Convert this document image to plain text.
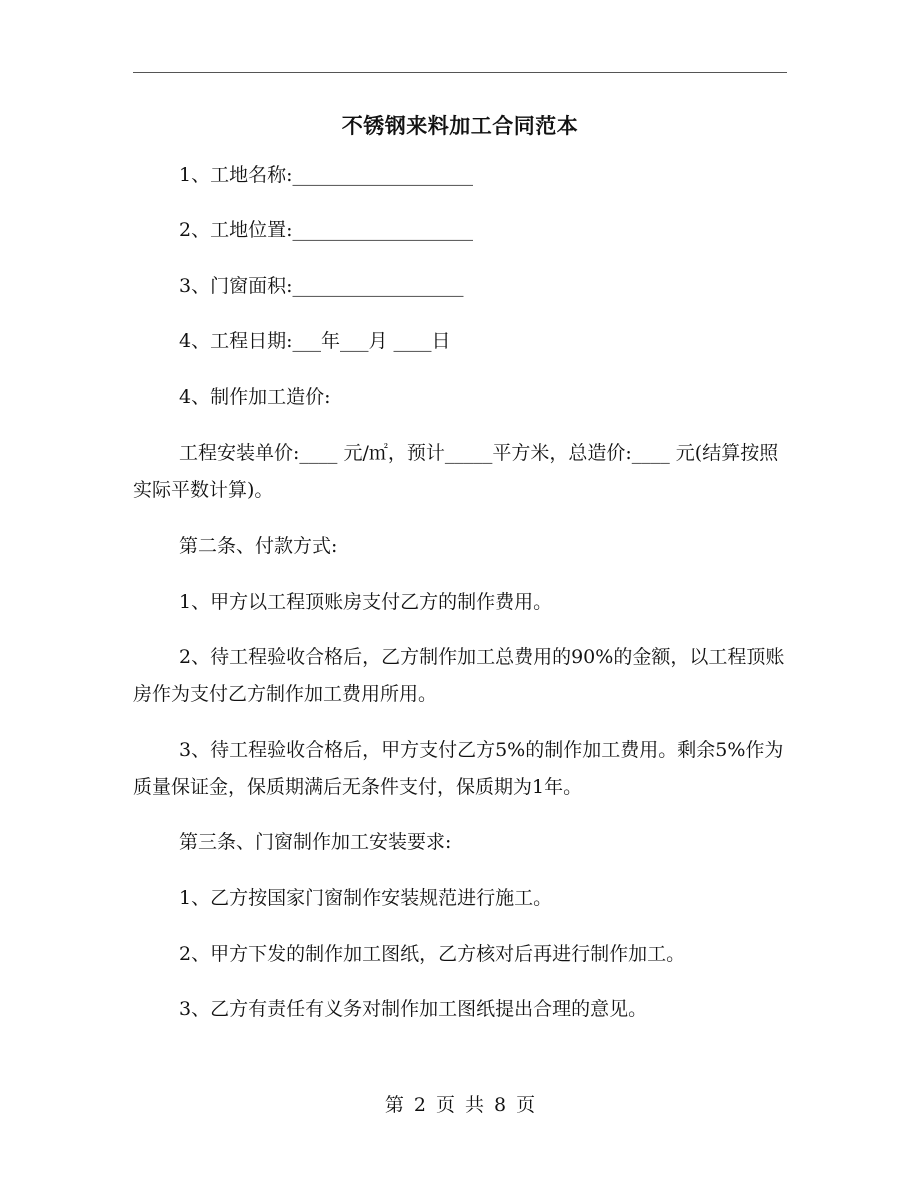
不锈钢来料加工合同范本
1、工地名称:___________________
2、工地位置:___________________
3、门窗面积:__________________
4、工程日期:___年___月 ____日
4、制作加工造价:
工程安装单价:____ 元/㎡，预计_____平方米，总造价:____ 元(结算按照实际平数计算)。
第二条、付款方式:
1、甲方以工程顶账房支付乙方的制作费用。
2、待工程验收合格后，乙方制作加工总费用的90%的金额，以工程顶账房作为支付乙方制作加工费用所用。
3、待工程验收合格后，甲方支付乙方5%的制作加工费用。剩余5%作为质量保证金，保质期满后无条件支付，保质期为1年。
第三条、门窗制作加工安装要求:
1、乙方按国家门窗制作安装规范进行施工。
2、甲方下发的制作加工图纸，乙方核对后再进行制作加工。
3、乙方有责任有义务对制作加工图纸提出合理的意见。
第 2 页 共 8 页
